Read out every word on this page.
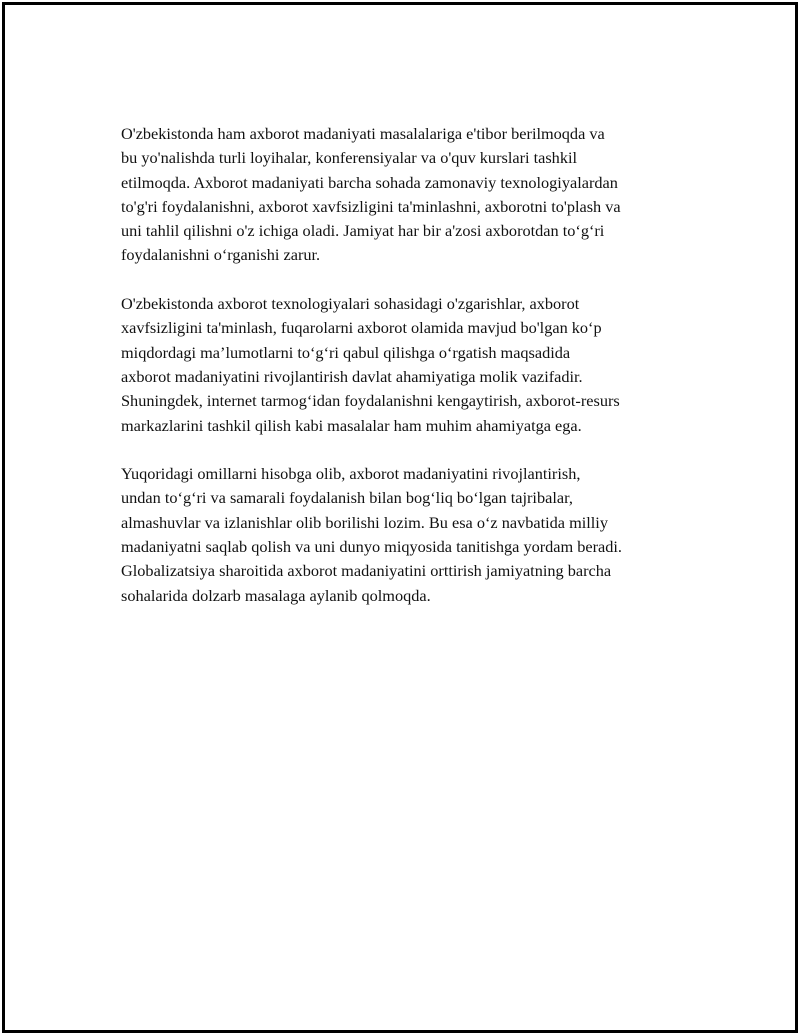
O'zbekistonda ham axborot madaniyati masalalariga e'tibor berilmoqda va
bu yo'nalishda turli loyihalar, konferensiyalar va o'quv kurslari tashkil
etilmoqda. Axborot madaniyati barcha sohada zamonaviy texnologiyalardan
to'g'ri foydalanishni, axborot xavfsizligini ta'minlashni, axborotni to'plash va
uni tahlil qilishni o'z ichiga oladi. Jamiyat har bir a'zosi axborotdan to‘g‘ri
foydalanishni o‘rganishi zarur.

O'zbekistonda axborot texnologiyalari sohasidagi o'zgarishlar, axborot
xavfsizligini ta'minlash, fuqarolarni axborot olamida mavjud bo'lgan ko‘p
miqdordagi ma’lumotlarni to‘g‘ri qabul qilishga o‘rgatish maqsadida
axborot madaniyatini rivojlantirish davlat ahamiyatiga molik vazifadir.
Shuningdek, internet tarmog‘idan foydalanishni kengaytirish, axborot-resurs
markazlarini tashkil qilish kabi masalalar ham muhim ahamiyatga ega.

Yuqoridagi omillarni hisobga olib, axborot madaniyatini rivojlantirish,
undan to‘g‘ri va samarali foydalanish bilan bog‘liq bo‘lgan tajribalar,
almashuvlar va izlanishlar olib borilishi lozim. Bu esa o‘z navbatida milliy
madaniyatni saqlab qolish va uni dunyo miqyosida tanitishga yordam beradi.
Globalizatsiya sharoitida axborot madaniyatini orttirish jamiyatning barcha
sohalarida dolzarb masalaga aylanib qolmoqda.
